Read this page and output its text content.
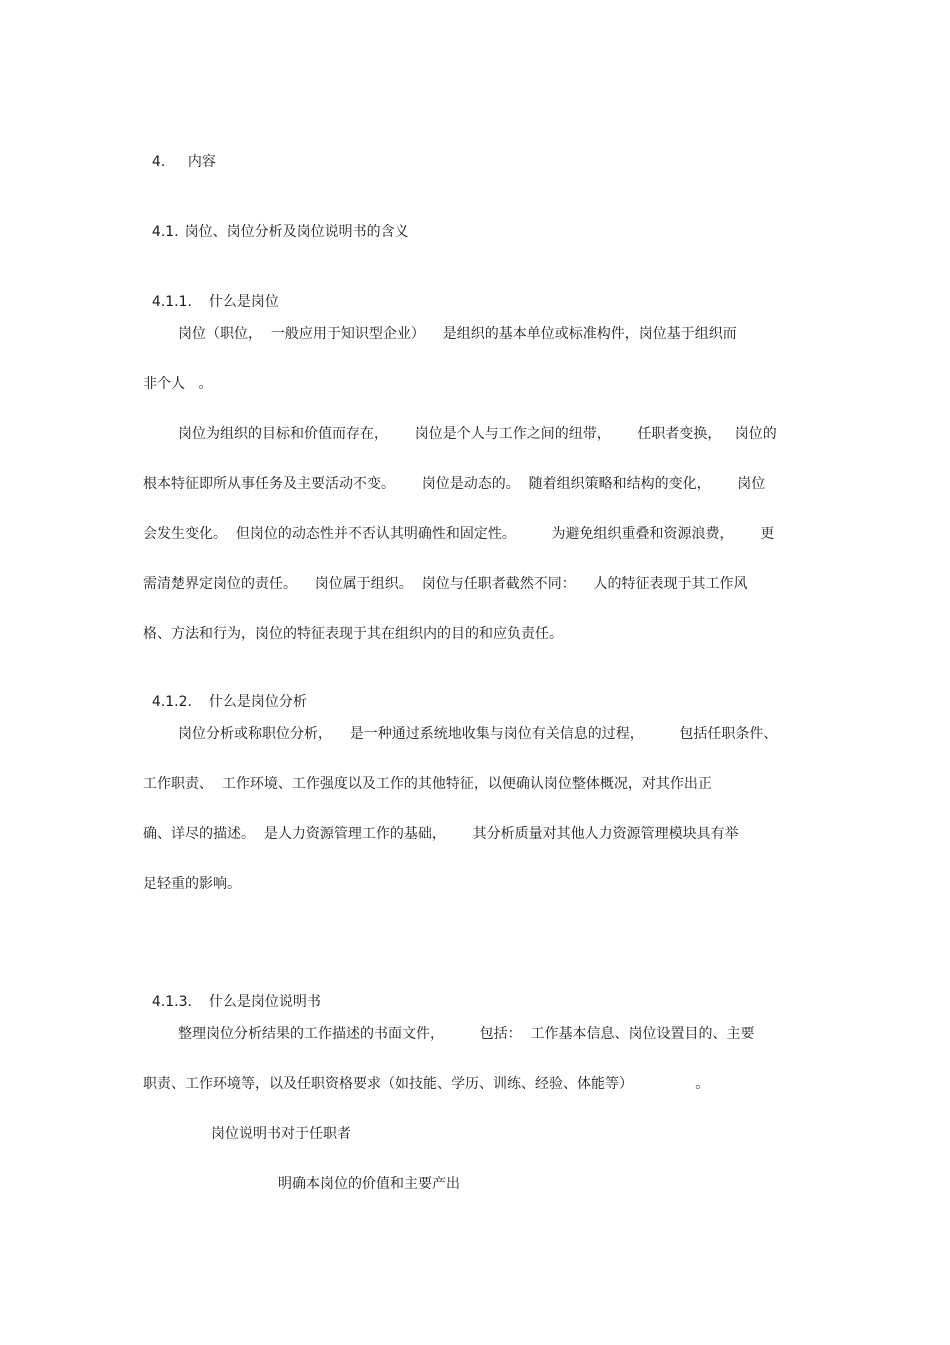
4. 内容

4.1. 岗位、岗位分析及岗位说明书的含义

4.1.1. 什么是岗位

岗位（职位，  一般应用于知识型企业）    是组织的基本单位或标准构件，岗位基于组织而

非个人   。

岗位为组织的目标和价值而存在，      岗位是个人与工作之间的纽带，      任职者变换，   岗位的

根本特征即所从事任务及主要活动不变。      岗位是动态的。  随着组织策略和结构的变化，      岗位

会发生变化。  但岗位的动态性并不否认其明确性和固定性。        为避免组织重叠和资源浪费，      更

需清楚界定岗位的责任。    岗位属于组织。  岗位与任职者截然不同：    人的特征表现于其工作风

格、方法和行为，岗位的特征表现于其在组织内的目的和应负责任。

4.1.2. 什么是岗位分析

岗位分析或称职位分析，    是一种通过系统地收集与岗位有关信息的过程，        包括任职条件、

工作职责、  工作环境、工作强度以及工作的其他特征，以便确认岗位整体概况，对其作出正

确、详尽的描述。  是人力资源管理工作的基础，      其分析质量对其他人力资源管理模块具有举

足轻重的影响。

4.1.3. 什么是岗位说明书

整理岗位分析结果的工作描述的书面文件，        包括：  工作基本信息、岗位设置目的、主要

职责、工作环境等，以及任职资格要求（如技能、学历、训练、经验、体能等）              。

岗位说明书对于任职者

明确本岗位的价值和主要产出
